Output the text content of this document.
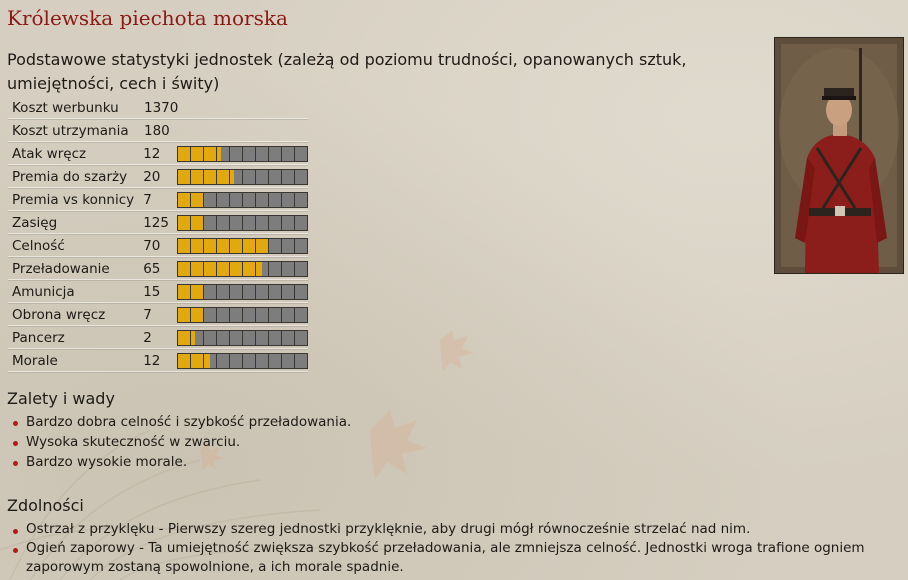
Królewska piechota morska
Podstawowe statystyki jednostek (zależą od poziomu trudności, opanowanych sztuk, umiejętności, cech i świty)
Koszt werbunku	1370
Koszt utrzymania	180
Atak wręcz	12
Premia do szarży	20
Premia vs konnicy 7
Zasięg	125
Celność	70
Przeładowanie	65
Amunicja	15
Obrona wręcz	7
Pancerz	2
Morale	12
Zalety i wady
Bardzo dobra celność i szybkość przeładowania.
Wysoka skuteczność w zwarciu.
Bardzo wysokie morale.
Zdolności
Ostrzał z przyklęku - Pierwszy szereg jednostki przyklęknie, aby drugi mógł równocześnie strzelać nad nim.
Ogień zaporowy - Ta umiejętność zwiększa szybkość przeładowania, ale zmniejsza celność. Jednostki wroga trafione ogniem zaporowym zostaną spowolnione, a ich morale spadnie.
